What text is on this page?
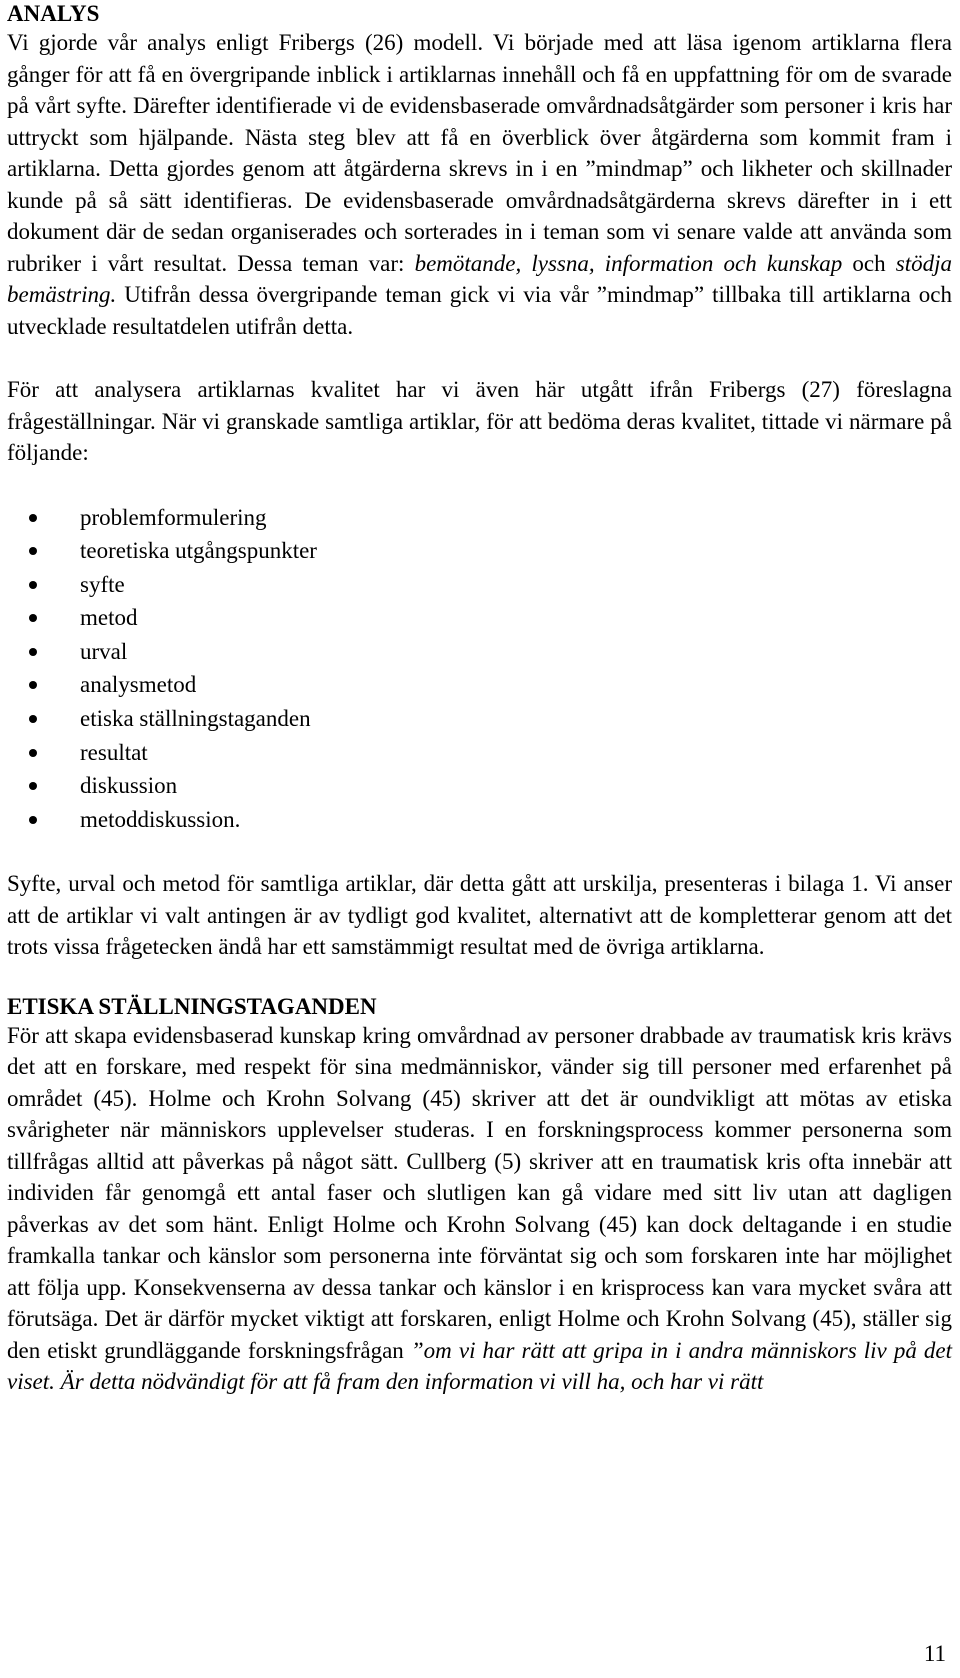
ANALYS

Vi gjorde vår analys enligt Fribergs (26) modell. Vi började med att läsa igenom artiklarna flera gånger för att få en övergripande inblick i artiklarnas innehåll och få en uppfattning för om de svarade på vårt syfte. Därefter identifierade vi de evidensbaserade omvårdnadsåtgärder som personer i kris har uttryckt som hjälpande. Nästa steg blev att få en överblick över åtgärderna som kommit fram i artiklarna. Detta gjordes genom att åtgärderna skrevs in i en ”mindmap” och likheter och skillnader kunde på så sätt identifieras. De evidensbaserade omvårdnadsåtgärderna skrevs därefter in i ett dokument där de sedan organiserades och sorterades in i teman som vi senare valde att använda som rubriker i vårt resultat. Dessa teman var: bemötande, lyssna, information och kunskap och stödja bemästring. Utifrån dessa övergripande teman gick vi via vår ”mindmap” tillbaka till artiklarna och utvecklade resultatdelen utifrån detta.

För att analysera artiklarnas kvalitet har vi även här utgått ifrån Fribergs (27) föreslagna frågeställningar. När vi granskade samtliga artiklar, för att bedöma deras kvalitet, tittade vi närmare på följande:

problemformulering
teoretiska utgångspunkter
syfte
metod
urval
analysmetod
etiska ställningstaganden
resultat
diskussion
metoddiskussion.

Syfte, urval och metod för samtliga artiklar, där detta gått att urskilja, presenteras i bilaga 1. Vi anser att de artiklar vi valt antingen är av tydligt god kvalitet, alternativt att de kompletterar genom att det trots vissa frågetecken ändå har ett samstämmigt resultat med de övriga artiklarna.

ETISKA STÄLLNINGSTAGANDEN

För att skapa evidensbaserad kunskap kring omvårdnad av personer drabbade av traumatisk kris krävs det att en forskare, med respekt för sina medmänniskor, vänder sig till personer med erfarenhet på området (45). Holme och Krohn Solvang (45) skriver att det är oundvikligt att mötas av etiska svårigheter när människors upplevelser studeras. I en forskningsprocess kommer personerna som tillfrågas alltid att påverkas på något sätt. Cullberg (5) skriver att en traumatisk kris ofta innebär att individen får genomgå ett antal faser och slutligen kan gå vidare med sitt liv utan att dagligen påverkas av det som hänt. Enligt Holme och Krohn Solvang (45) kan dock deltagande i en studie framkalla tankar och känslor som personerna inte förväntat sig och som forskaren inte har möjlighet att följa upp. Konsekvenserna av dessa tankar och känslor i en krisprocess kan vara mycket svåra att förutsäga. Det är därför mycket viktigt att forskaren, enligt Holme och Krohn Solvang (45), ställer sig den etiskt grundläggande forskningsfrågan ”om vi har rätt att gripa in i andra människors liv på det viset. Är detta nödvändigt för att få fram den information vi vill ha, och har vi rätt

11
